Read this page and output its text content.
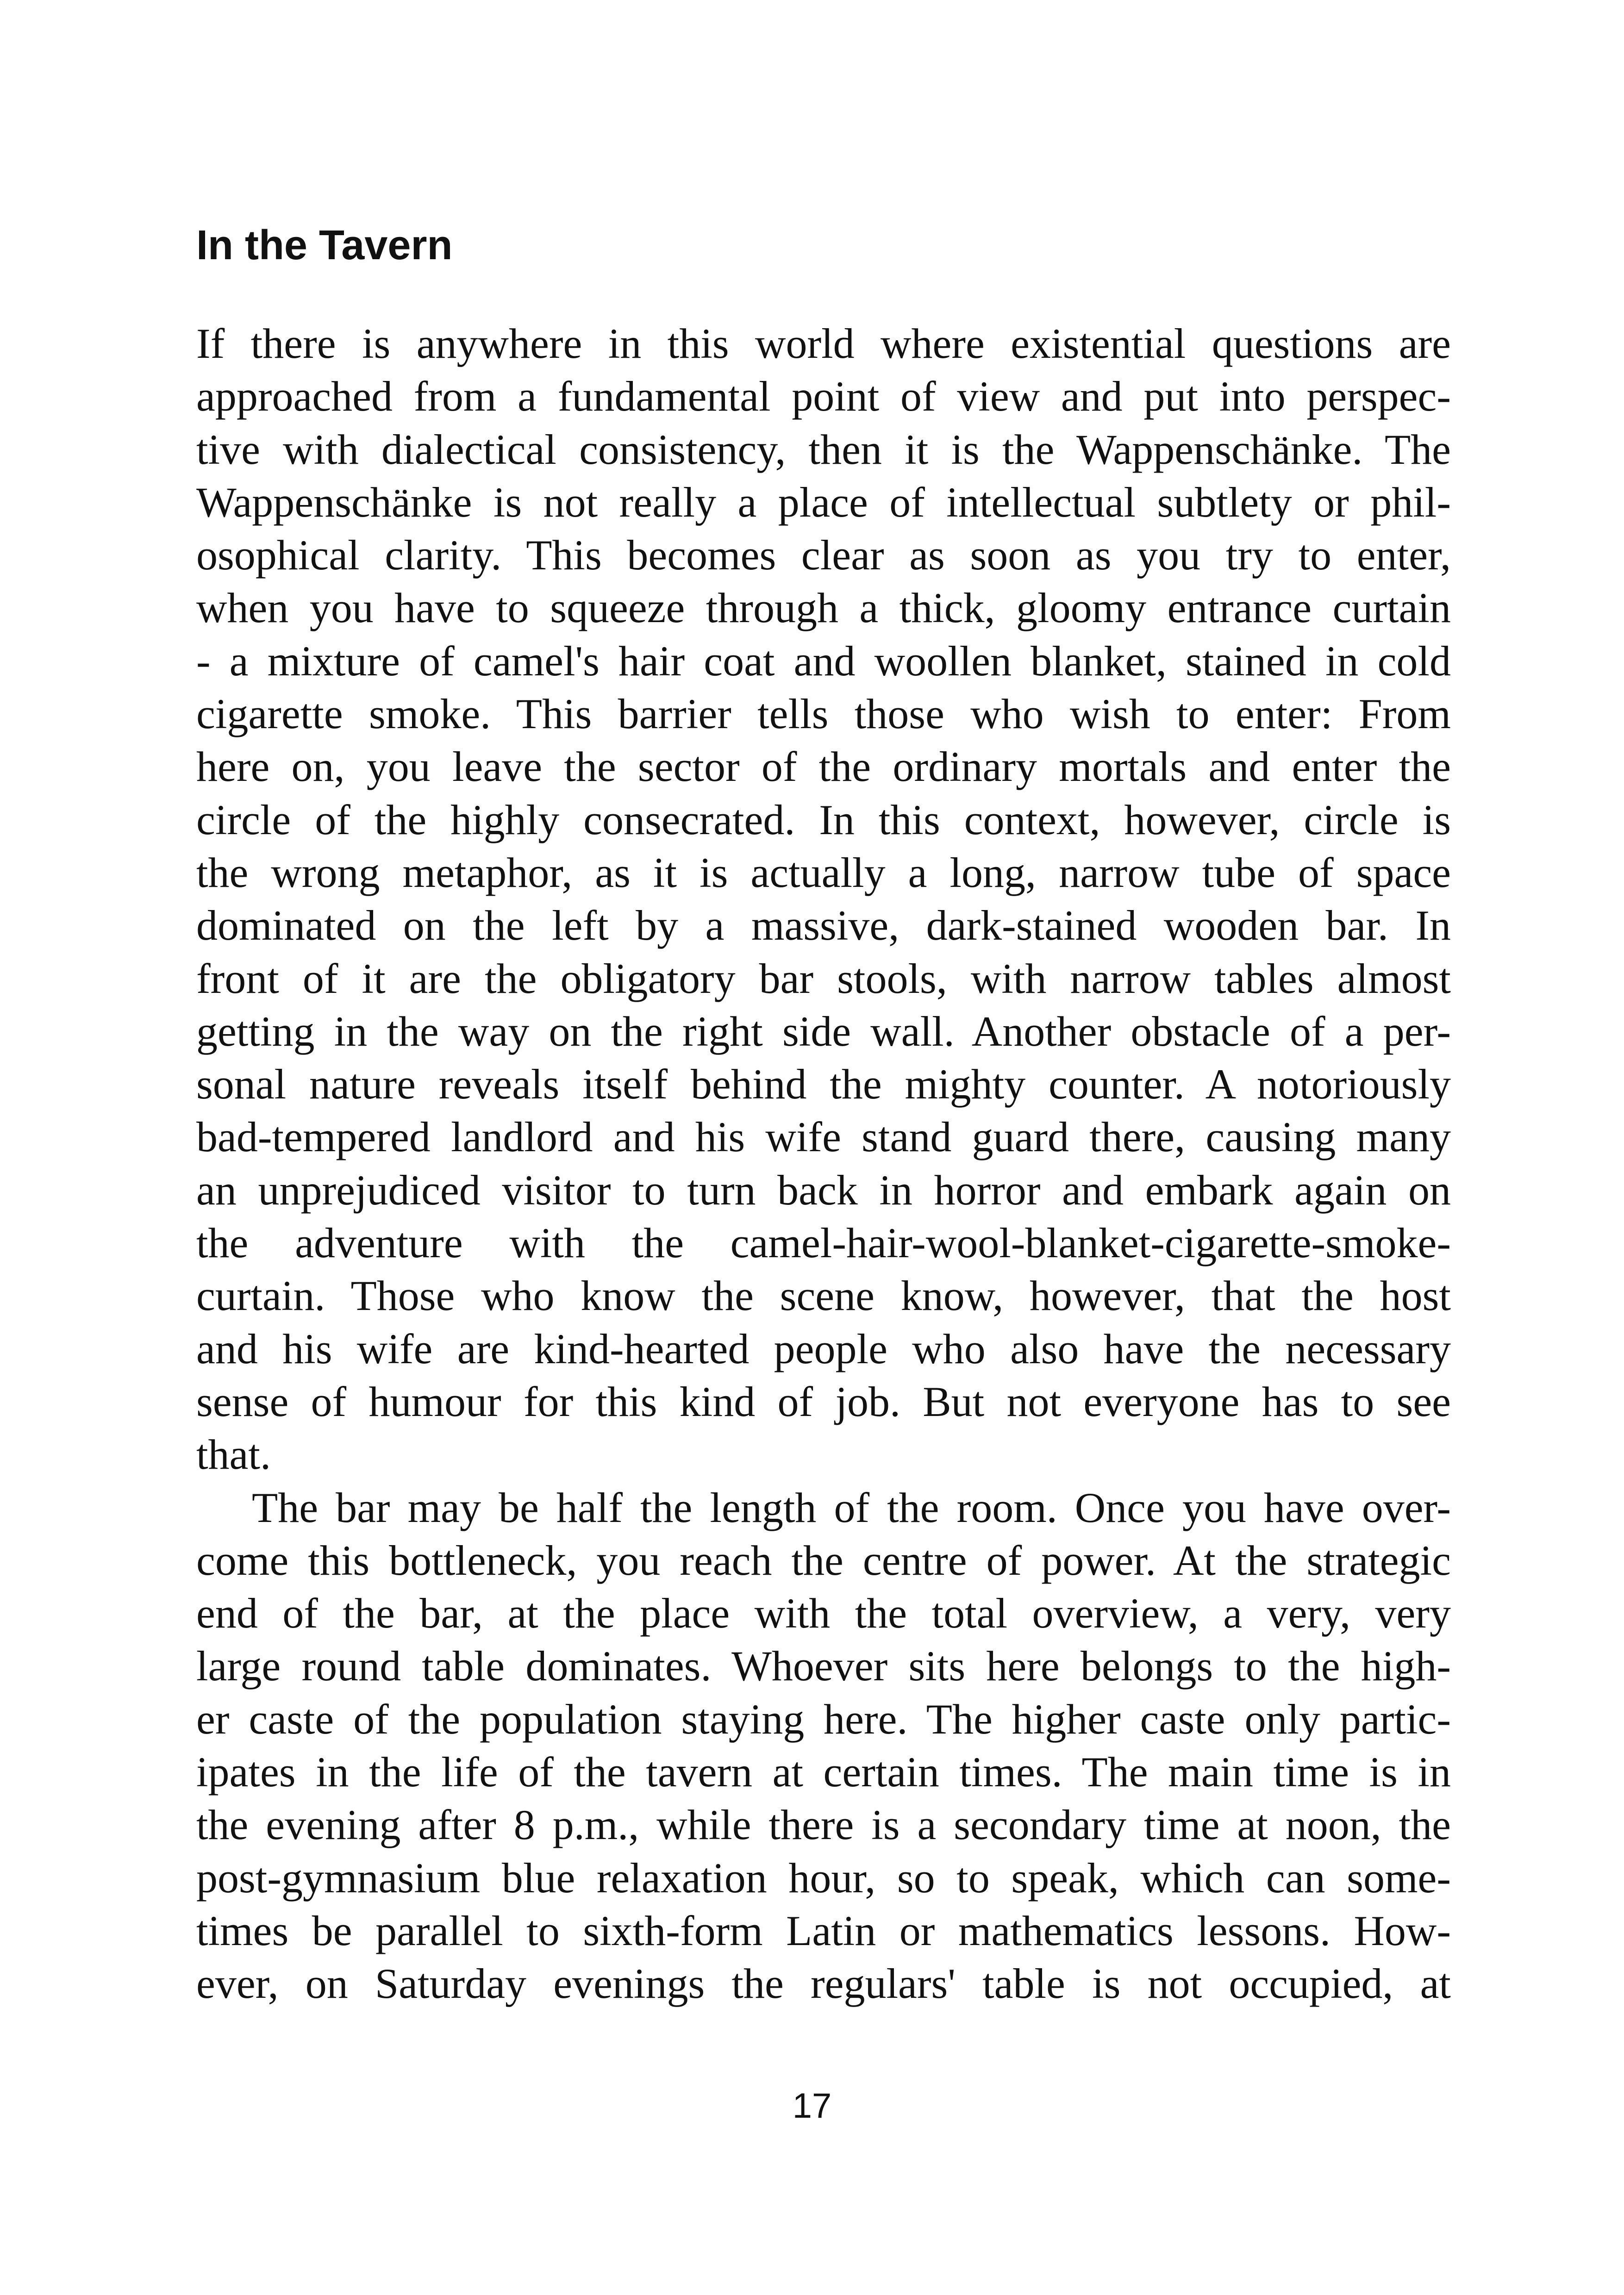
In the Tavern
If there is anywhere in this world where existential questions are
approached from a fundamental point of view and put into perspec-
tive with dialectical consistency, then it is the Wappenschänke. The
Wappenschänke is not really a place of intellectual subtlety or phil-
osophical clarity. This becomes clear as soon as you try to enter,
when you have to squeeze through a thick, gloomy entrance curtain
- a mixture of camel's hair coat and woollen blanket, stained in cold
cigarette smoke. This barrier tells those who wish to enter: From
here on, you leave the sector of the ordinary mortals and enter the
circle of the highly consecrated. In this context, however, circle is
the wrong metaphor, as it is actually a long, narrow tube of space
dominated on the left by a massive, dark-stained wooden bar. In
front of it are the obligatory bar stools, with narrow tables almost
getting in the way on the right side wall. Another obstacle of a per-
sonal nature reveals itself behind the mighty counter. A notoriously
bad-tempered landlord and his wife stand guard there, causing many
an unprejudiced visitor to turn back in horror and embark again on
the adventure with the camel-hair-wool-blanket-cigarette-smoke-
curtain. Those who know the scene know, however, that the host
and his wife are kind-hearted people who also have the necessary
sense of humour for this kind of job. But not everyone has to see
that.
The bar may be half the length of the room. Once you have over-
come this bottleneck, you reach the centre of power. At the strategic
end of the bar, at the place with the total overview, a very, very
large round table dominates. Whoever sits here belongs to the high-
er caste of the population staying here. The higher caste only partic-
ipates in the life of the tavern at certain times. The main time is in
the evening after 8 p.m., while there is a secondary time at noon, the
post-gymnasium blue relaxation hour, so to speak, which can some-
times be parallel to sixth-form Latin or mathematics lessons. How-
ever, on Saturday evenings the regulars' table is not occupied, at
17
